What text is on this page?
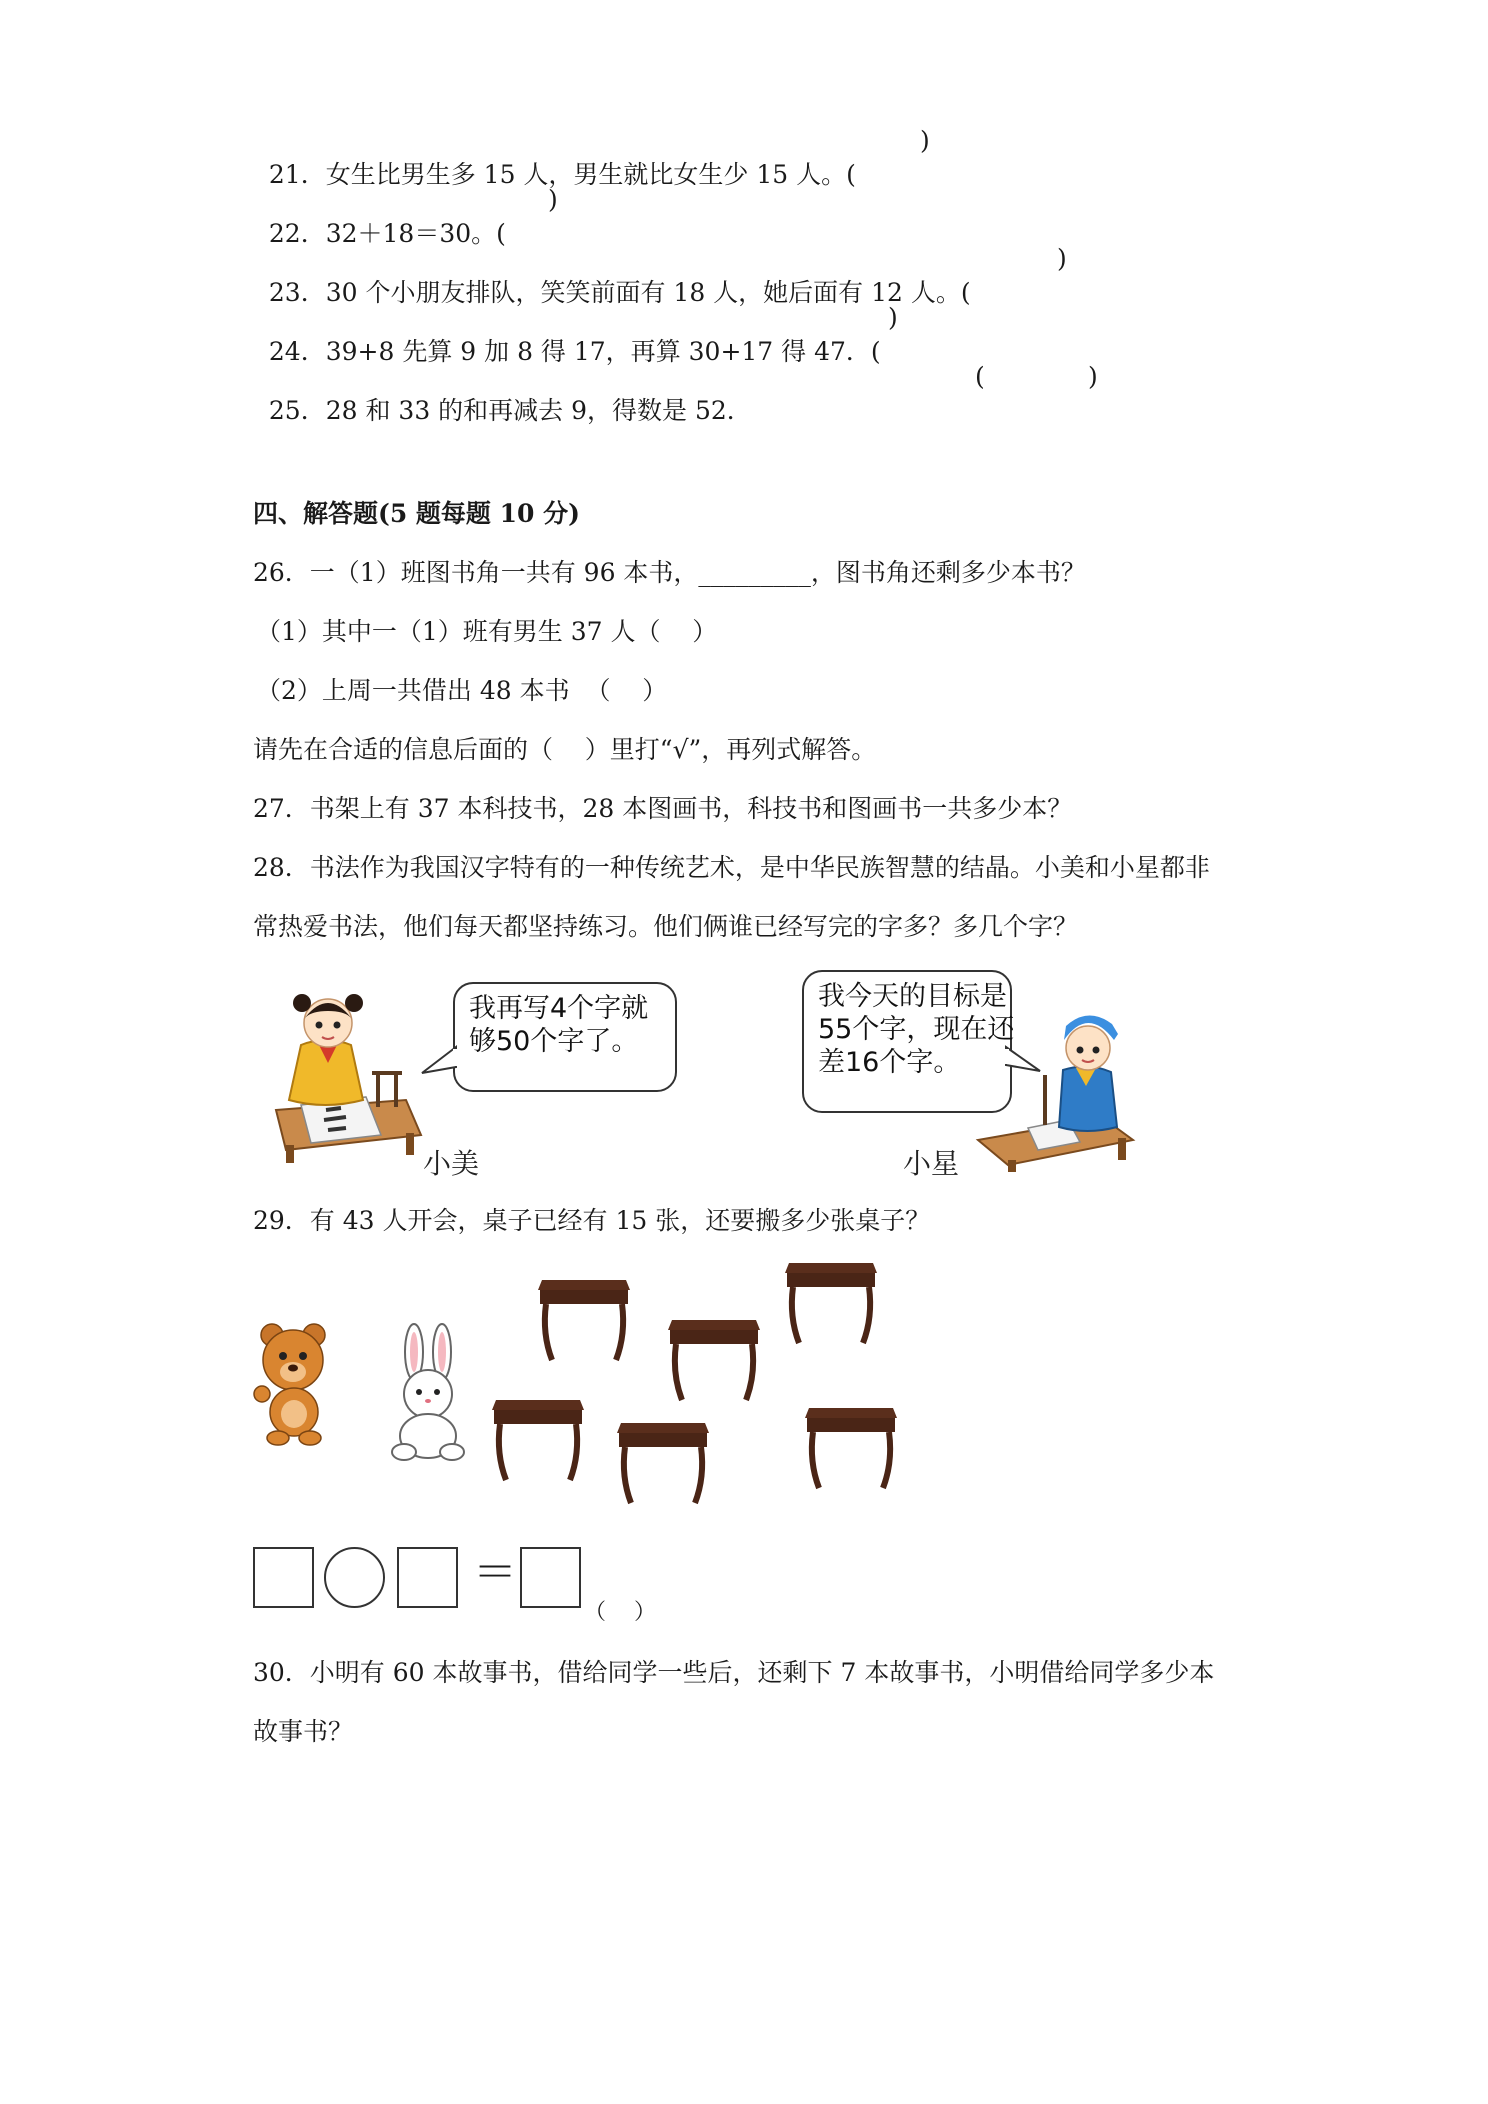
21．女生比男生多 15 人，男生就比女生少 15 人。(

)

22．32＋18＝30。(

)

23．30 个小朋友排队，笑笑前面有 18 人，她后面有 12 人。(

)

24．39+8 先算 9 加 8 得 17，再算 30+17 得 47．(

)

25．28 和 33 的和再减去 9，得数是 52．

(	)
四、解答题(5 题每题 10 分)
26．一（1）班图书角一共有 96 本书，_________，图书角还剩多少本书？
（1）其中一（1）班有男生 37 人（    ）
（2）上周一共借出 48 本书  （    ）
请先在合适的信息后面的（    ）里打“√”，再列式解答。
27．书架上有 37 本科技书，28 本图画书，科技书和图画书一共多少本？
28．书法作为我国汉字特有的一种传统艺术，是中华民族智慧的结晶。小美和小星都非
常热爱书法，他们每天都坚持练习。他们俩谁已经写完的字多？多几个字？
我再写4个字就
够50个字了。
小美
我今天的目标是
55个字，现在还
差16个字。
小星
29．有 43 人开会，桌子已经有 15 张，还要搬多少张桌子？
＝
（    ）
30．小明有 60 本故事书，借给同学一些后，还剩下 7 本故事书，小明借给同学多少本
故事书？
